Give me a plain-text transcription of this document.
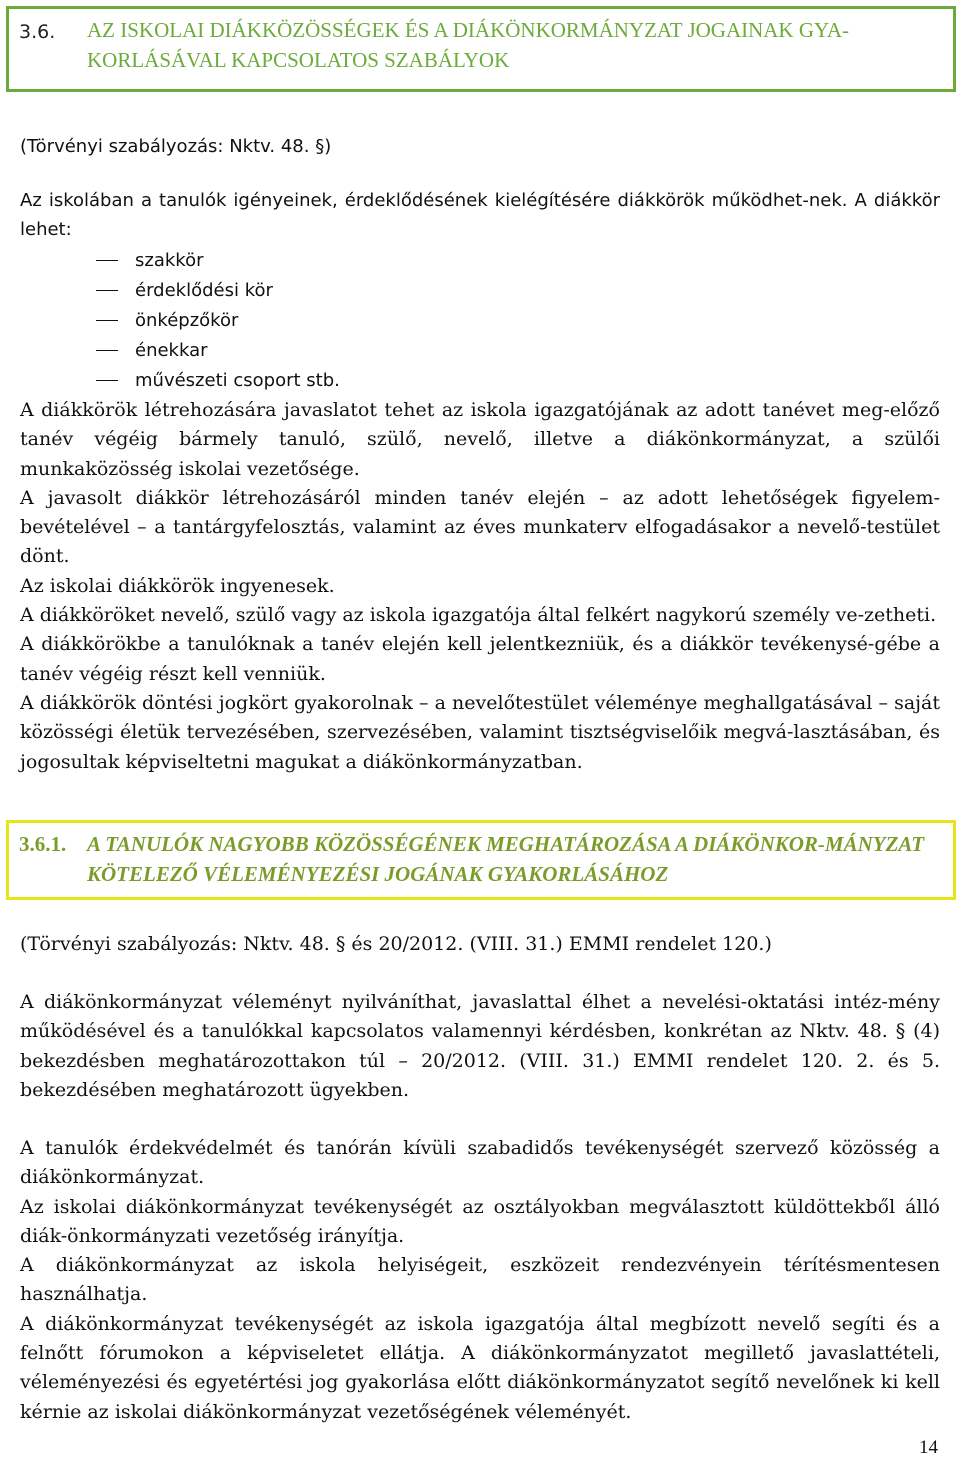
3.6. AZ ISKOLAI DIÁKKÖZÖSSÉGEK ÉS A DIÁKÖNKORMÁNYZAT JOGAINAK GYA-KORLÁSÁVAL KAPCSOLATOS SZABÁLYOK

(Törvényi szabályozás: Nktv. 48. §)

Az iskolában a tanulók igényeinek, érdeklődésének kielégítésére diákkörök működhet-nek. A diákkör lehet:

szakkör
érdeklődési kör
önképzőkör
énekkar
művészeti csoport stb.

A diákkörök létrehozására javaslatot tehet az iskola igazgatójának az adott tanévet meg-előző tanév végéig bármely tanuló, szülő, nevelő, illetve a diákönkormányzat, a szülői munkaközösség iskolai vezetősége.

A javasolt diákkör létrehozásáról minden tanév elején – az adott lehetőségek figyelem-bevételével – a tantárgyfelosztás, valamint az éves munkaterv elfogadásakor a nevelő-testület dönt.

Az iskolai diákkörök ingyenesek.

A diákköröket nevelő, szülő vagy az iskola igazgatója által felkért nagykorú személy ve-zetheti.

A diákkörökbe a tanulóknak a tanév elején kell jelentkezniük, és a diákkör tevékenysé-gébe a tanév végéig részt kell venniük.

A diákkörök döntési jogkört gyakorolnak – a nevelőtestület véleménye meghallgatásával – saját közösségi életük tervezésében, szervezésében, valamint tisztségviselőik megvá-lasztásában, és jogosultak képviseltetni magukat a diákönkormányzatban.

3.6.1. A TANULÓK NAGYOBB KÖZÖSSÉGÉNEK MEGHATÁROZÁSA A DIÁKÖNKOR-MÁNYZAT KÖTELEZŐ VÉLEMÉNYEZÉSI JOGÁNAK GYAKORLÁSÁHOZ

(Törvényi szabályozás: Nktv. 48. § és 20/2012. (VIII. 31.) EMMI rendelet 120.)

A diákönkormányzat véleményt nyilváníthat, javaslattal élhet a nevelési-oktatási intéz-mény működésével és a tanulókkal kapcsolatos valamennyi kérdésben, konkrétan az Nktv. 48. § (4) bekezdésben meghatározottakon túl – 20/2012. (VIII. 31.) EMMI rendelet 120. 2. és 5. bekezdésében meghatározott ügyekben.

A tanulók érdekvédelmét és tanórán kívüli szabadidős tevékenységét szervező közösség a diákönkormányzat.

Az iskolai diákönkormányzat tevékenységét az osztályokban megválasztott küldöttekből álló diák-önkormányzati vezetőség irányítja.

A diákönkormányzat az iskola helyiségeit, eszközeit rendezvényein térítésmentesen használhatja.

A diákönkormányzat tevékenységét az iskola igazgatója által megbízott nevelő segíti és a felnőtt fórumokon a képviseletet ellátja. A diákönkormányzatot megillető javaslattételi, véleményezési és egyetértési jog gyakorlása előtt diákönkormányzatot segítő nevelőnek ki kell kérnie az iskolai diákönkormányzat vezetőségének véleményét.

14
